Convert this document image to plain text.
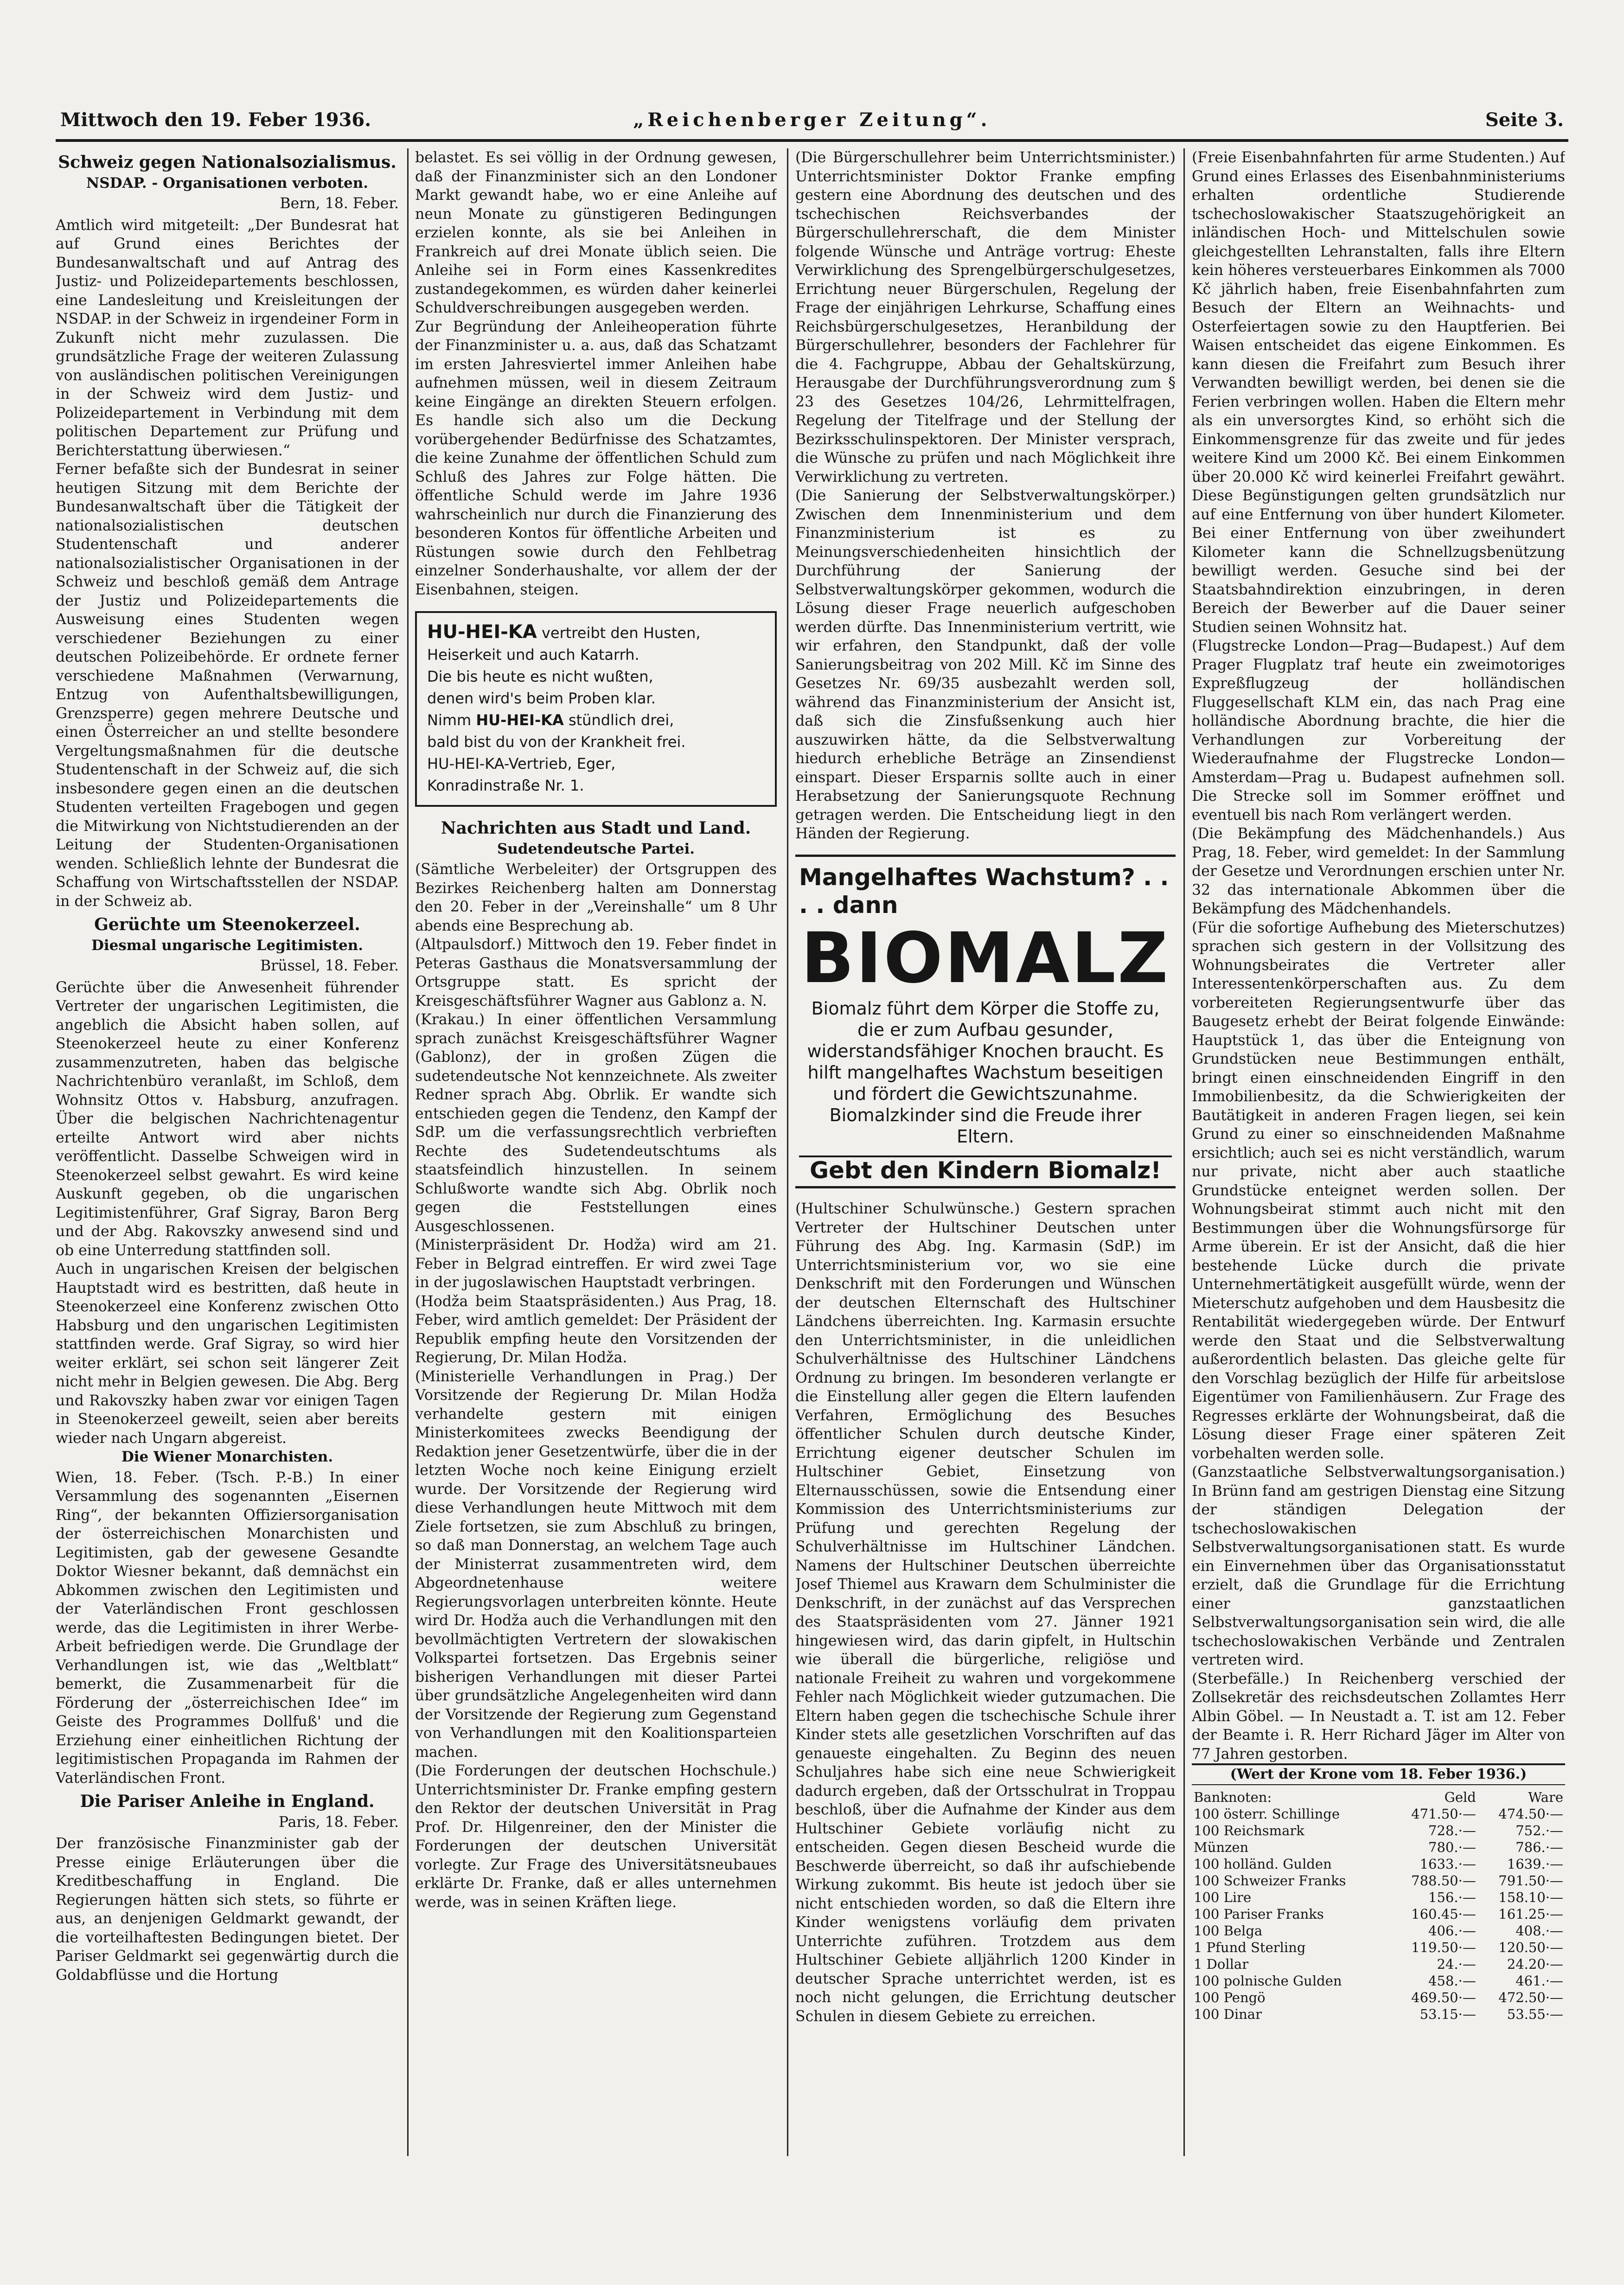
Mittwoch den 19. Feber 1936.	„Reichenberger Zeitung“.	Seite 3.
Schweiz gegen Nationalsozialismus.
NSDAP. - Organisationen verboten.
Bern, 18. Feber.

Amtlich wird mitgeteilt: „Der Bundesrat hat auf Grund eines Berichtes der Bundesanwaltschaft und auf Antrag des Justiz- und Polizeidepartements beschlossen, eine Landesleitung und Kreisleitungen der NSDAP. in der Schweiz in irgendeiner Form in Zukunft nicht mehr zuzulassen. Die grundsätzliche Frage der weiteren Zulassung von ausländischen politischen Vereinigungen in der Schweiz wird dem Justiz- und Polizeidepartement in Verbindung mit dem politischen Departement zur Prüfung und Berichterstattung überwiesen.“

Ferner befaßte sich der Bundesrat in seiner heutigen Sitzung mit dem Berichte der Bundesanwaltschaft über die Tätigkeit der nationalsozialistischen deutschen Studentenschaft und anderer nationalsozialistischer Organisationen in der Schweiz und beschloß gemäß dem Antrage der Justiz und Polizeidepartements die Ausweisung eines Studenten wegen verschiedener Beziehungen zu einer deutschen Polizeibehörde. Er ordnete ferner verschiedene Maßnahmen (Verwarnung, Entzug von Aufenthaltsbewilligungen, Grenzsperre) gegen mehrere Deutsche und einen Österreicher an und stellte besondere Vergeltungsmaßnahmen für die deutsche Studentenschaft in der Schweiz auf, die sich insbesondere gegen einen an die deutschen Studenten verteilten Fragebogen und gegen die Mitwirkung von Nichtstudierenden an der Leitung der Studenten-Organisationen wenden. Schließlich lehnte der Bundesrat die Schaffung von Wirtschaftsstellen der NSDAP. in der Schweiz ab.

Gerüchte um Steenokerzeel.
Diesmal ungarische Legitimisten.
Brüssel, 18. Feber.

Gerüchte über die Anwesenheit führender Vertreter der ungarischen Legitimisten, die angeblich die Absicht haben sollen, auf Steenokerzeel heute zu einer Konferenz zusammenzutreten, haben das belgische Nachrichtenbüro veranlaßt, im Schloß, dem Wohnsitz Ottos v. Habsburg, anzufragen. Über die belgischen Nachrichtenagentur erteilte Antwort wird aber nichts veröffentlicht. Dasselbe Schweigen wird in Steenokerzeel selbst gewahrt. Es wird keine Auskunft gegeben, ob die ungarischen Legitimistenführer, Graf Sigray, Baron Berg und der Abg. Rakovszky anwesend sind und ob eine Unterredung stattfinden soll.

Auch in ungarischen Kreisen der belgischen Hauptstadt wird es bestritten, daß heute in Steenokerzeel eine Konferenz zwischen Otto Habsburg und den ungarischen Legitimisten stattfinden werde. Graf Sigray, so wird hier weiter erklärt, sei schon seit längerer Zeit nicht mehr in Belgien gewesen. Die Abg. Berg und Rakovszky haben zwar vor einigen Tagen in Steenokerzeel geweilt, seien aber bereits wieder nach Ungarn abgereist.

Die Wiener Monarchisten.

Wien, 18. Feber. (Tsch. P.-B.) In einer Versammlung des sogenannten „Eisernen Ring“, der bekannten Offiziersorganisation der österreichischen Monarchisten und Legitimisten, gab der gewesene Gesandte Doktor Wiesner bekannt, daß demnächst ein Abkommen zwischen den Legitimisten und der Vaterländischen Front geschlossen werde, das die Legitimisten in ihrer Werbe-Arbeit befriedigen werde. Die Grundlage der Verhandlungen ist, wie das „Weltblatt“ bemerkt, die Zusammenarbeit für die Förderung der „österreichischen Idee“ im Geiste des Programmes Dollfuß' und die Erziehung einer einheitlichen Richtung der legitimistischen Propaganda im Rahmen der Vaterländischen Front.

Die Pariser Anleihe in England.
Paris, 18. Feber.

Der französische Finanzminister gab der Presse einige Erläuterungen über die Kreditbeschaffung in England. Die Regierungen hätten sich stets, so führte er aus, an denjenigen Geldmarkt gewandt, der die vorteilhaftesten Bedingungen bietet. Der Pariser Geldmarkt sei gegenwärtig durch die Goldabflüsse und die Hortung

belastet. Es sei völlig in der Ordnung gewesen, daß der Finanzminister sich an den Londoner Markt gewandt habe, wo er eine Anleihe auf neun Monate zu günstigeren Bedingungen erzielen konnte, als sie bei Anleihen in Frankreich auf drei Monate üblich seien. Die Anleihe sei in Form eines Kassenkredites zustandegekommen, es würden daher keinerlei Schuldverschreibungen ausgegeben werden.

Zur Begründung der Anleiheoperation führte der Finanzminister u. a. aus, daß das Schatzamt im ersten Jahresviertel immer Anleihen habe aufnehmen müssen, weil in diesem Zeitraum keine Eingänge an direkten Steuern erfolgen. Es handle sich also um die Deckung vorübergehender Bedürfnisse des Schatzamtes, die keine Zunahme der öffentlichen Schuld zum Schluß des Jahres zur Folge hätten. Die öffentliche Schuld werde im Jahre 1936 wahrscheinlich nur durch die Finanzierung des besonderen Kontos für öffentliche Arbeiten und Rüstungen sowie durch den Fehlbetrag einzelner Sonderhaushalte, vor allem der der Eisenbahnen, steigen.

HU-HEI-KA vertreibt den Husten,
Heiserkeit und auch Katarrh.
Die bis heute es nicht wußten,
denen wird's beim Proben klar.
Nimm HU-HEI-KA stündlich drei,
bald bist du von der Krankheit frei.
HU-HEI-KA-Vertrieb, Eger,
Konradinstraße Nr. 1.
Nachrichten aus Stadt und Land.
Sudetendeutsche Partei.

(Sämtliche Werbeleiter) der Ortsgruppen des Bezirkes Reichenberg halten am Donnerstag den 20. Feber in der „Vereinshalle“ um 8 Uhr abends eine Besprechung ab.

(Altpaulsdorf.) Mittwoch den 19. Feber findet in Peteras Gasthaus die Monatsversammlung der Ortsgruppe statt. Es spricht der Kreisgeschäftsführer Wagner aus Gablonz a. N.

(Krakau.) In einer öffentlichen Versammlung sprach zunächst Kreisgeschäftsführer Wagner (Gablonz), der in großen Zügen die sudetendeutsche Not kennzeichnete. Als zweiter Redner sprach Abg. Obrlik. Er wandte sich entschieden gegen die Tendenz, den Kampf der SdP. um die verfassungsrechtlich verbrieften Rechte des Sudetendeutschtums als staatsfeindlich hinzustellen. In seinem Schlußworte wandte sich Abg. Obrlik noch gegen die Feststellungen eines Ausgeschlossenen.

(Ministerpräsident Dr. Hodža) wird am 21. Feber in Belgrad eintreffen. Er wird zwei Tage in der jugoslawischen Hauptstadt verbringen.

(Hodža beim Staatspräsidenten.) Aus Prag, 18. Feber, wird amtlich gemeldet: Der Präsident der Republik empfing heute den Vorsitzenden der Regierung, Dr. Milan Hodža.

(Ministerielle Verhandlungen in Prag.) Der Vorsitzende der Regierung Dr. Milan Hodža verhandelte gestern mit einigen Ministerkomitees zwecks Beendigung der Redaktion jener Gesetzentwürfe, über die in der letzten Woche noch keine Einigung erzielt wurde. Der Vorsitzende der Regierung wird diese Verhandlungen heute Mittwoch mit dem Ziele fortsetzen, sie zum Abschluß zu bringen, so daß man Donnerstag, an welchem Tage auch der Ministerrat zusammentreten wird, dem Abgeordnetenhause weitere Regierungsvorlagen unterbreiten könnte. Heute wird Dr. Hodža auch die Verhandlungen mit den bevollmächtigten Vertretern der slowakischen Volkspartei fortsetzen. Das Ergebnis seiner bisherigen Verhandlungen mit dieser Partei über grundsätzliche Angelegenheiten wird dann der Vorsitzende der Regierung zum Gegenstand von Verhandlungen mit den Koalitionsparteien machen.

(Die Forderungen der deutschen Hochschule.) Unterrichtsminister Dr. Franke empfing gestern den Rektor der deutschen Universität in Prag Prof. Dr. Hilgenreiner, den der Minister die Forderungen der deutschen Universität vorlegte. Zur Frage des Universitätsneubaues erklärte Dr. Franke, daß er alles unternehmen werde, was in seinen Kräften liege.

(Die Bürgerschullehrer beim Unterrichtsminister.) Unterrichtsminister Doktor Franke empfing gestern eine Abordnung des deutschen und des tschechischen Reichsverbandes der Bürgerschullehrerschaft, die dem Minister folgende Wünsche und Anträge vortrug: Eheste Verwirklichung des Sprengelbürgerschulgesetzes, Errichtung neuer Bürgerschulen, Regelung der Frage der einjährigen Lehrkurse, Schaffung eines Reichsbürgerschulgesetzes, Heranbildung der Bürgerschullehrer, besonders der Fachlehrer für die 4. Fachgruppe, Abbau der Gehaltskürzung, Herausgabe der Durchführungsverordnung zum § 23 des Gesetzes 104/26, Lehrmittelfragen, Regelung der Titelfrage und der Stellung der Bezirksschulinspektoren. Der Minister versprach, die Wünsche zu prüfen und nach Möglichkeit ihre Verwirklichung zu vertreten.

(Die Sanierung der Selbstverwaltungskörper.) Zwischen dem Innenministerium und dem Finanzministerium ist es zu Meinungsverschiedenheiten hinsichtlich der Durchführung der Sanierung der Selbstverwaltungskörper gekommen, wodurch die Lösung dieser Frage neuerlich aufgeschoben werden dürfte. Das Innenministerium vertritt, wie wir erfahren, den Standpunkt, daß der volle Sanierungsbeitrag von 202 Mill. Kč im Sinne des Gesetzes Nr. 69/35 ausbezahlt werden soll, während das Finanzministerium der Ansicht ist, daß sich die Zinsfußsenkung auch hier auszuwirken hätte, da die Selbstverwaltung hiedurch erhebliche Beträge an Zinsendienst einspart. Dieser Ersparnis sollte auch in einer Herabsetzung der Sanierungsquote Rechnung getragen werden. Die Entscheidung liegt in den Händen der Regierung.

Mangelhaftes Wachstum? . . . . dann
BIOMALZ
Biomalz führt dem Körper die Stoffe zu, die er zum Aufbau gesunder, widerstandsfähiger Knochen braucht. Es hilft mangelhaftes Wachstum beseitigen und fördert die Gewichtszunahme. Biomalzkinder sind die Freude ihrer Eltern.
Gebt den Kindern Biomalz!

(Hultschiner Schulwünsche.) Gestern sprachen Vertreter der Hultschiner Deutschen unter Führung des Abg. Ing. Karmasin (SdP.) im Unterrichtsministerium vor, wo sie eine Denkschrift mit den Forderungen und Wünschen der deutschen Elternschaft des Hultschiner Ländchens überreichten. Ing. Karmasin ersuchte den Unterrichtsminister, in die unleidlichen Schulverhältnisse des Hultschiner Ländchens Ordnung zu bringen. Im besonderen verlangte er die Einstellung aller gegen die Eltern laufenden Verfahren, Ermöglichung des Besuches öffentlicher Schulen durch deutsche Kinder, Errichtung eigener deutscher Schulen im Hultschiner Gebiet, Einsetzung von Elternausschüssen, sowie die Entsendung einer Kommission des Unterrichtsministeriums zur Prüfung und gerechten Regelung der Schulverhältnisse im Hultschiner Ländchen. Namens der Hultschiner Deutschen überreichte Josef Thiemel aus Krawarn dem Schulminister die Denkschrift, in der zunächst auf das Versprechen des Staatspräsidenten vom 27. Jänner 1921 hingewiesen wird, das darin gipfelt, in Hultschin wie überall die bürgerliche, religiöse und nationale Freiheit zu wahren und vorgekommene Fehler nach Möglichkeit wieder gutzumachen. Die Eltern haben gegen die tschechische Schule ihrer Kinder stets alle gesetzlichen Vorschriften auf das genaueste eingehalten. Zu Beginn des neuen Schuljahres habe sich eine neue Schwierigkeit dadurch ergeben, daß der Ortsschulrat in Troppau beschloß, über die Aufnahme der Kinder aus dem Hultschiner Gebiete vorläufig nicht zu entscheiden. Gegen diesen Bescheid wurde die Beschwerde überreicht, so daß ihr aufschiebende Wirkung zukommt. Bis heute ist jedoch über sie nicht entschieden worden, so daß die Eltern ihre Kinder wenigstens vorläufig dem privaten Unterrichte zuführen. Trotzdem aus dem Hultschiner Gebiete alljährlich 1200 Kinder in deutscher Sprache unterrichtet werden, ist es noch nicht gelungen, die Errichtung deutscher Schulen in diesem Gebiete zu erreichen.

(Freie Eisenbahnfahrten für arme Studenten.) Auf Grund eines Erlasses des Eisenbahnministeriums erhalten ordentliche Studierende tschechoslowakischer Staatszugehörigkeit an inländischen Hoch- und Mittelschulen sowie gleichgestellten Lehranstalten, falls ihre Eltern kein höheres versteuerbares Einkommen als 7000 Kč jährlich haben, freie Eisenbahnfahrten zum Besuch der Eltern an Weihnachts- und Osterfeiertagen sowie zu den Hauptferien. Bei Waisen entscheidet das eigene Einkommen. Es kann diesen die Freifahrt zum Besuch ihrer Verwandten bewilligt werden, bei denen sie die Ferien verbringen wollen. Haben die Eltern mehr als ein unversorgtes Kind, so erhöht sich die Einkommensgrenze für das zweite und für jedes weitere Kind um 2000 Kč. Bei einem Einkommen über 20.000 Kč wird keinerlei Freifahrt gewährt. Diese Begünstigungen gelten grundsätzlich nur auf eine Entfernung von über hundert Kilometer. Bei einer Entfernung von über zweihundert Kilometer kann die Schnellzugsbenützung bewilligt werden. Gesuche sind bei der Staatsbahndirektion einzubringen, in deren Bereich der Bewerber auf die Dauer seiner Studien seinen Wohnsitz hat.

(Flugstrecke London—Prag—Budapest.) Auf dem Prager Flugplatz traf heute ein zweimotoriges Expreßflugzeug der holländischen Fluggesellschaft KLM ein, das nach Prag eine holländische Abordnung brachte, die hier die Verhandlungen zur Vorbereitung der Wiederaufnahme der Flugstrecke London—Amsterdam—Prag u. Budapest aufnehmen soll. Die Strecke soll im Sommer eröffnet und eventuell bis nach Rom verlängert werden.

(Die Bekämpfung des Mädchenhandels.) Aus Prag, 18. Feber, wird gemeldet: In der Sammlung der Gesetze und Verordnungen erschien unter Nr. 32 das internationale Abkommen über die Bekämpfung des Mädchenhandels.

(Für die sofortige Aufhebung des Mieterschutzes) sprachen sich gestern in der Vollsitzung des Wohnungsbeirates die Vertreter aller Interessentenkörperschaften aus. Zu dem vorbereiteten Regierungsentwurfe über das Baugesetz erhebt der Beirat folgende Einwände: Hauptstück 1, das über die Enteignung von Grundstücken neue Bestimmungen enthält, bringt einen einschneidenden Eingriff in den Immobilienbesitz, da die Schwierigkeiten der Bautätigkeit in anderen Fragen liegen, sei kein Grund zu einer so einschneidenden Maßnahme ersichtlich; auch sei es nicht verständlich, warum nur private, nicht aber auch staatliche Grundstücke enteignet werden sollen. Der Wohnungsbeirat stimmt auch nicht mit den Bestimmungen über die Wohnungsfürsorge für Arme überein. Er ist der Ansicht, daß die hier bestehende Lücke durch die private Unternehmertätigkeit ausgefüllt würde, wenn der Mieterschutz aufgehoben und dem Hausbesitz die Rentabilität wiedergegeben würde. Der Entwurf werde den Staat und die Selbstverwaltung außerordentlich belasten. Das gleiche gelte für den Vorschlag bezüglich der Hilfe für arbeitslose Eigentümer von Familienhäusern. Zur Frage des Regresses erklärte der Wohnungsbeirat, daß die Lösung dieser Frage einer späteren Zeit vorbehalten werden solle.

(Ganzstaatliche Selbstverwaltungsorganisation.) In Brünn fand am gestrigen Dienstag eine Sitzung der ständigen Delegation der tschechoslowakischen Selbstverwaltungsorganisationen statt. Es wurde ein Einvernehmen über das Organisationsstatut erzielt, daß die Grundlage für die Errichtung einer ganzstaatlichen Selbstverwaltungsorganisation sein wird, die alle tschechoslowakischen Verbände und Zentralen vertreten wird.

(Sterbefälle.) In Reichenberg verschied der Zollsekretär des reichsdeutschen Zollamtes Herr Albin Göbel. — In Neustadt a. T. ist am 12. Feber der Beamte i. R. Herr Richard Jäger im Alter von 77 Jahren gestorben.

(Wert der Krone vom 18. Feber 1936.)
Banknoten:	Geld	Ware
100 österr. Schillinge	471.50·—	474.50·—
100 Reichsmark	728.·—	752.·—
Münzen	780.·—	786.·—
100 holländ. Gulden	1633.·—	1639.·—
100 Schweizer Franks	788.50·—	791.50·—
100 Lire	156.·—	158.10·—
100 Pariser Franks	160.45·—	161.25·—
100 Belga	406.·—	408.·—
1 Pfund Sterling	119.50·—	120.50·—
1 Dollar	24.·—	24.20·—
100 polnische Gulden	458.·—	461.·—
100 Pengö	469.50·—	472.50·—
100 Dinar	53.15·—	53.55·—
